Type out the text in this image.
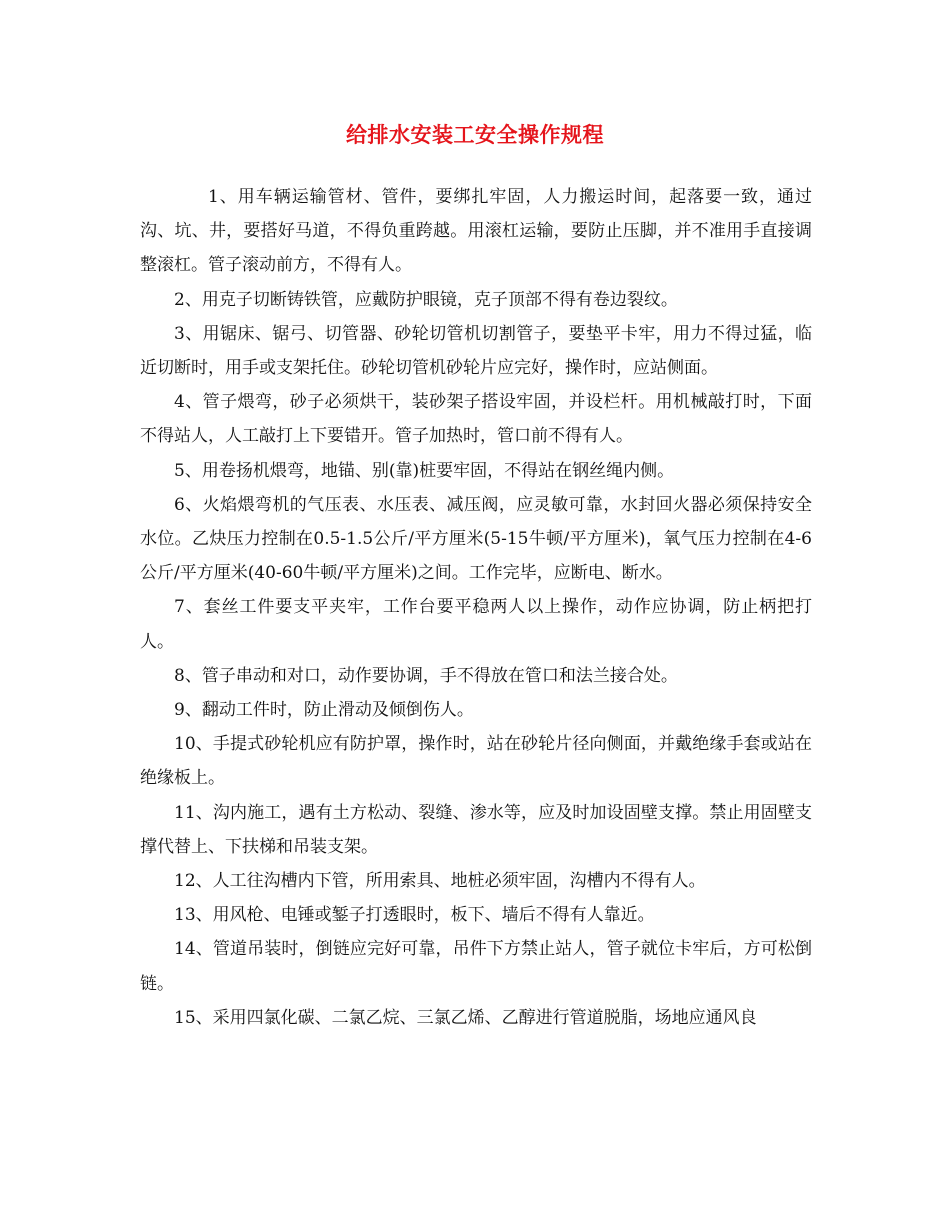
给排水安装工安全操作规程

1、用车辆运输管材、管件，要绑扎牢固，人力搬运时间，起落要一致，通过沟、坑、井，要搭好马道，不得负重跨越。用滚杠运输，要防止压脚，并不准用手直接调整滚杠。管子滚动前方，不得有人。

2、用克子切断铸铁管，应戴防护眼镜，克子顶部不得有卷边裂纹。

3、用锯床、锯弓、切管器、砂轮切管机切割管子，要垫平卡牢，用力不得过猛，临近切断时，用手或支架托住。砂轮切管机砂轮片应完好，操作时，应站侧面。

4、管子煨弯，砂子必须烘干，装砂架子搭设牢固，并设栏杆。用机械敲打时，下面不得站人，人工敲打上下要错开。管子加热时，管口前不得有人。

5、用卷扬机煨弯，地锚、别(靠)桩要牢固，不得站在钢丝绳内侧。

6、火焰煨弯机的气压表、水压表、减压阀，应灵敏可靠，水封回火器必须保持安全水位。乙炔压力控制在0.5-1.5公斤/平方厘米(5-15牛顿/平方厘米)，氧气压力控制在4-6公斤/平方厘米(40-60牛顿/平方厘米)之间。工作完毕，应断电、断水。

7、套丝工件要支平夹牢，工作台要平稳两人以上操作，动作应协调，防止柄把打人。

8、管子串动和对口，动作要协调，手不得放在管口和法兰接合处。

9、翻动工件时，防止滑动及倾倒伤人。

10、手提式砂轮机应有防护罩，操作时，站在砂轮片径向侧面，并戴绝缘手套或站在绝缘板上。

11、沟内施工，遇有土方松动、裂缝、渗水等，应及时加设固壁支撑。禁止用固壁支撑代替上、下扶梯和吊装支架。

12、人工往沟槽内下管，所用索具、地桩必须牢固，沟槽内不得有人。

13、用风枪、电锤或錾子打透眼时，板下、墙后不得有人靠近。

14、管道吊装时，倒链应完好可靠，吊件下方禁止站人，管子就位卡牢后，方可松倒链。

15、采用四氯化碳、二氯乙烷、三氯乙烯、乙醇进行管道脱脂，场地应通风良
